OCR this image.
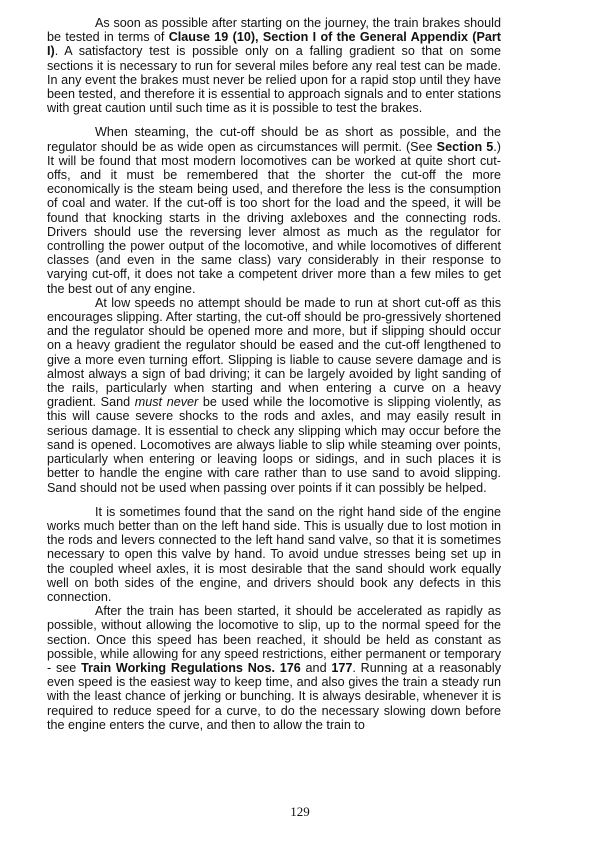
As soon as possible after starting on the journey, the train brakes should be tested in terms of Clause 19 (10), Section I of the General Appendix (Part I). A satisfactory test is possible only on a falling gradient so that on some sections it is necessary to run for several miles before any real test can be made. In any event the brakes must never be relied upon for a rapid stop until they have been tested, and therefore it is essential to approach signals and to enter stations with great caution until such time as it is possible to test the brakes.

When steaming, the cut-off should be as short as possible, and the regulator should be as wide open as circumstances will permit. (See Section 5.) It will be found that most modern locomotives can be worked at quite short cut-offs, and it must be remembered that the shorter the cut-off the more economically is the steam being used, and therefore the less is the consumption of coal and water. If the cut-off is too short for the load and the speed, it will be found that knocking starts in the driving axleboxes and the connecting rods. Drivers should use the reversing lever almost as much as the regulator for controlling the power output of the locomotive, and while locomotives of different classes (and even in the same class) vary considerably in their response to varying cut-off, it does not take a competent driver more than a few miles to get the best out of any engine.

At low speeds no attempt should be made to run at short cut-off as this encourages slipping. After starting, the cut-off should be pro-gressively shortened and the regulator should be opened more and more, but if slipping should occur on a heavy gradient the regulator should be eased and the cut-off lengthened to give a more even turning effort. Slipping is liable to cause severe damage and is almost always a sign of bad driving; it can be largely avoided by light sanding of the rails, particularly when starting and when entering a curve on a heavy gradient. Sand must never be used while the locomotive is slipping violently, as this will cause severe shocks to the rods and axles, and may easily result in serious damage. It is essential to check any slipping which may occur before the sand is opened. Locomotives are always liable to slip while steaming over points, particularly when entering or leaving loops or sidings, and in such places it is better to handle the engine with care rather than to use sand to avoid slipping. Sand should not be used when passing over points if it can possibly be helped.

It is sometimes found that the sand on the right hand side of the engine works much better than on the left hand side. This is usually due to lost motion in the rods and levers connected to the left hand sand valve, so that it is sometimes necessary to open this valve by hand. To avoid undue stresses being set up in the coupled wheel axles, it is most desirable that the sand should work equally well on both sides of the engine, and drivers should book any defects in this connection.

After the train has been started, it should be accelerated as rapidly as possible, without allowing the locomotive to slip, up to the normal speed for the section. Once this speed has been reached, it should be held as constant as possible, while allowing for any speed restrictions, either permanent or temporary - see Train Working Regulations Nos. 176 and 177. Running at a reasonably even speed is the easiest way to keep time, and also gives the train a steady run with the least chance of jerking or bunching. It is always desirable, whenever it is required to reduce speed for a curve, to do the necessary slowing down before the engine enters the curve, and then to allow the train to

129
